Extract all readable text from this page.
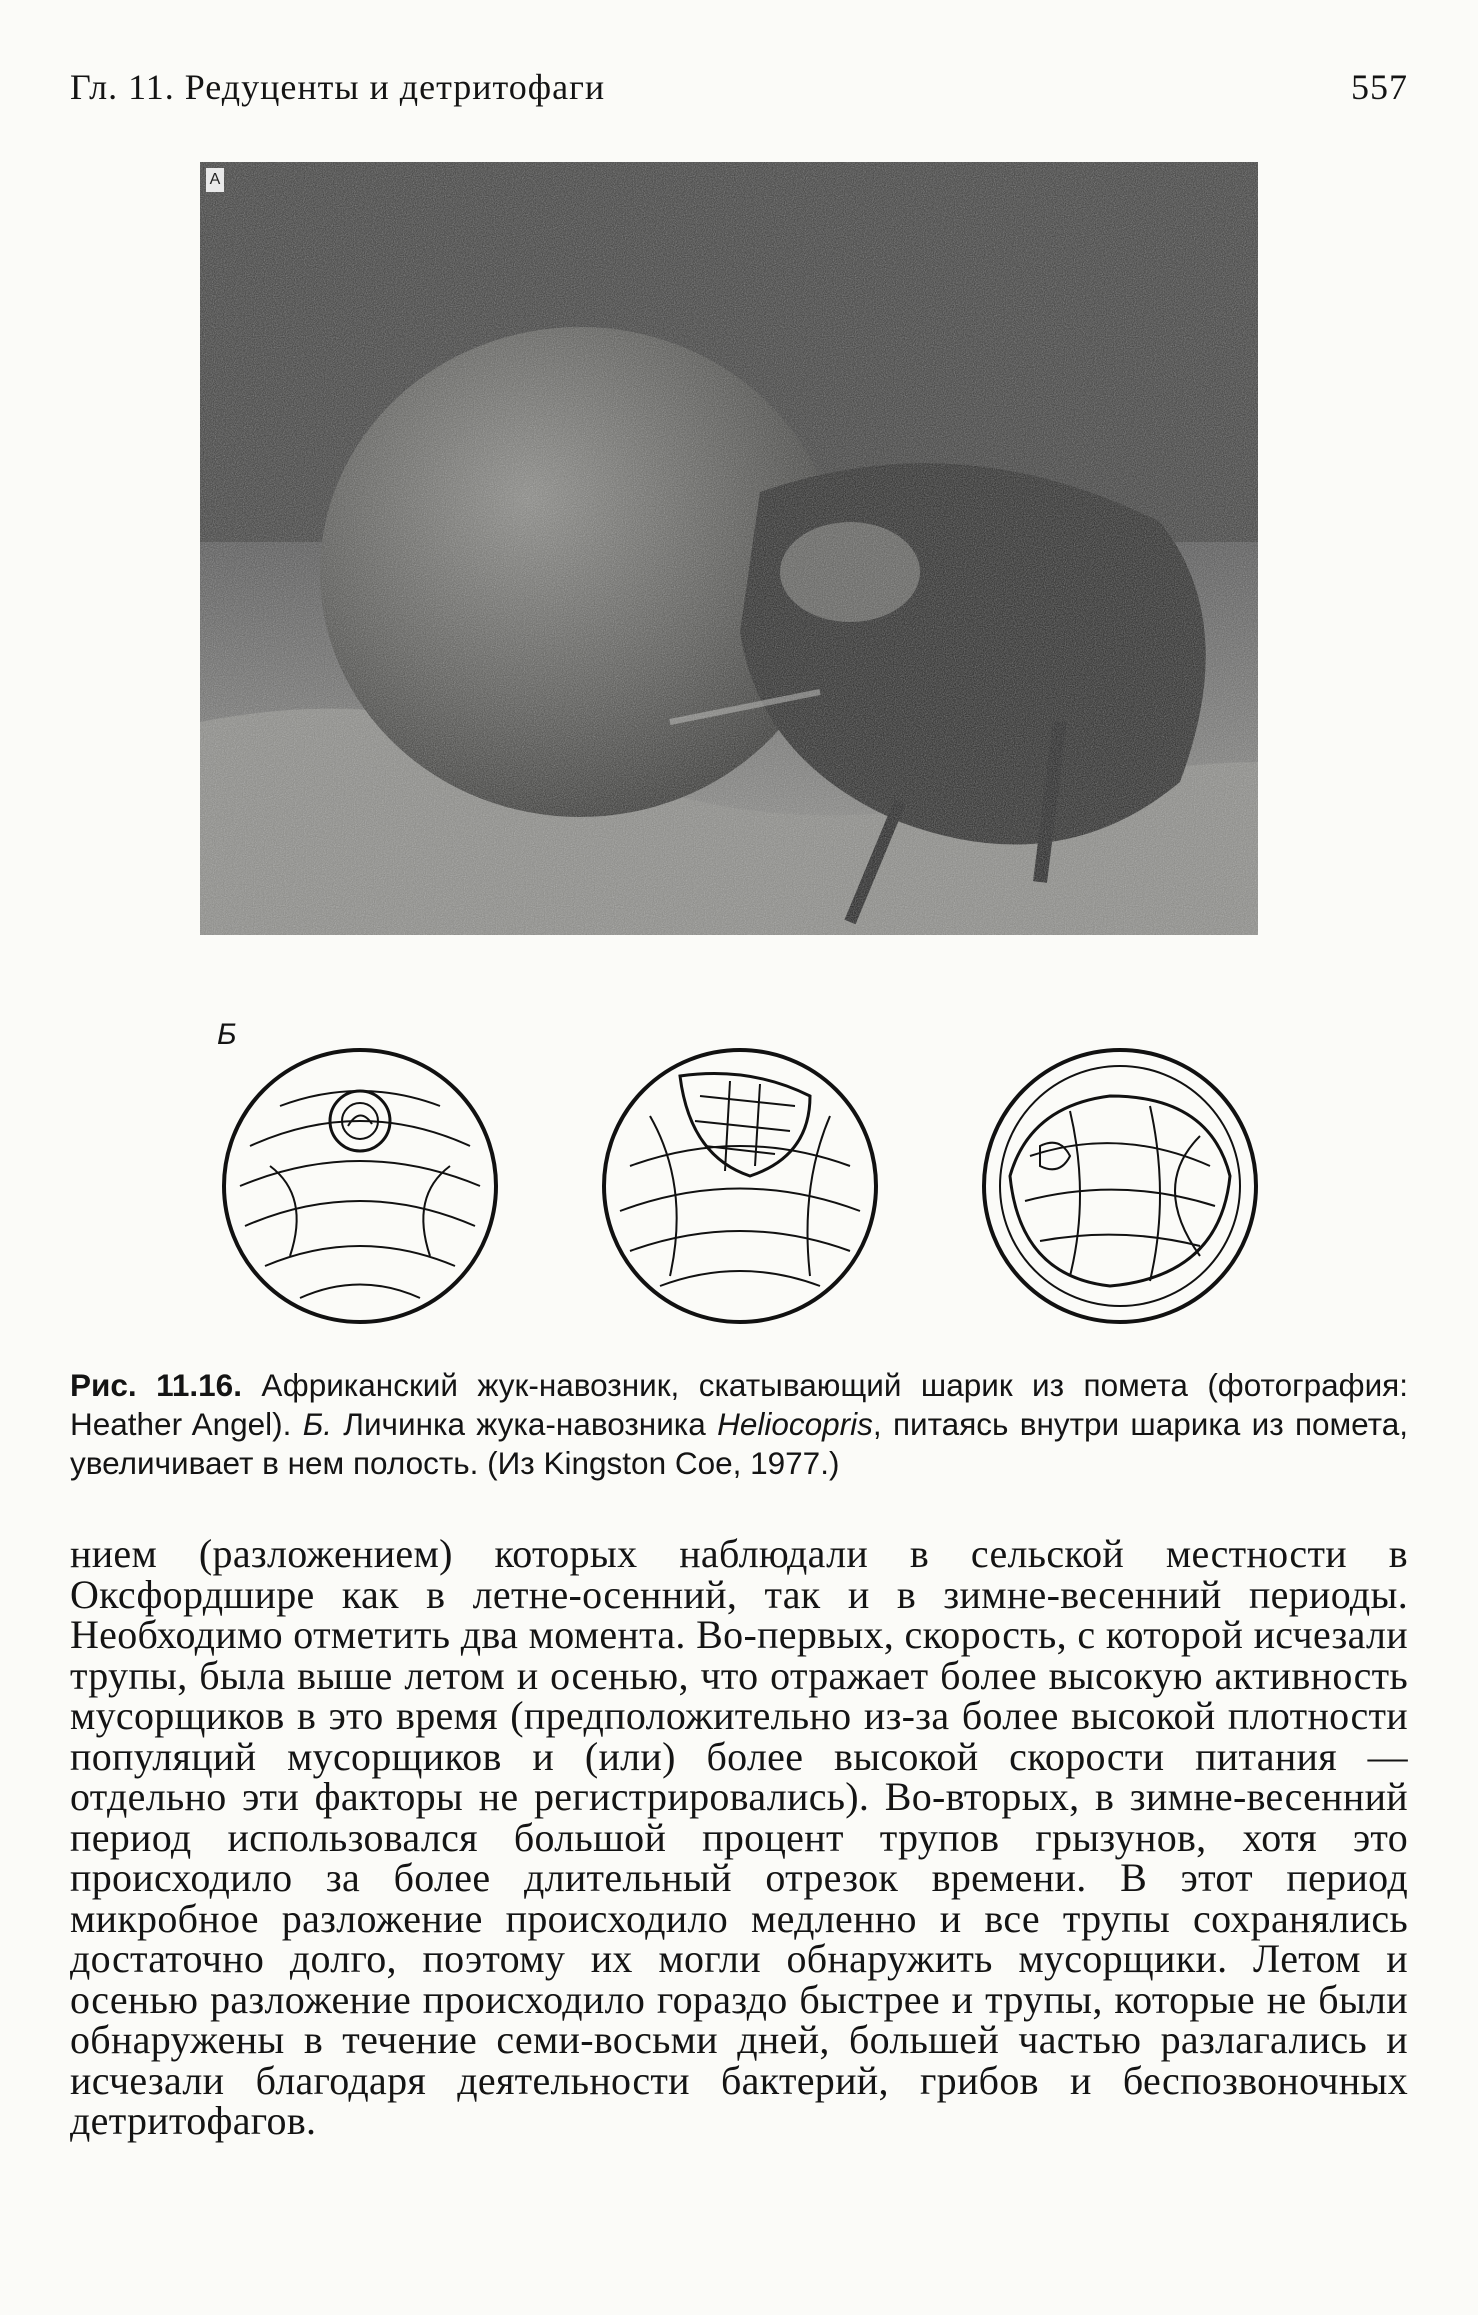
Гл. 11. Редуценты и детритофаги	557
А
Б
Рис. 11.16. Африканский жук-навозник, скатывающий шарик из помета (фотография: Heather Angel). Б. Личинка жука-навозника Heliocopris, питаясь внутри шарика из помета, увеличивает в нем полость. (Из Kingston Coe, 1977.)

нием (разложением) которых наблюдали в сельской местности в Оксфордшире как в летне-осенний, так и в зимне-весенний периоды. Необходимо отметить два момента. Во-первых, скорость, с которой исчезали трупы, была выше летом и осенью, что отражает более высокую активность мусорщиков в это время (предположительно из-за более высокой плотности популяций мусорщиков и (или) более высокой скорости питания — отдельно эти факторы не регистрировались). Во-вторых, в зимне-весенний период использовался большой процент трупов грызунов, хотя это происходило за более длительный отрезок времени. В этот период микробное разложение происходило медленно и все трупы сохранялись достаточно долго, поэтому их могли обнаружить мусорщики. Летом и осенью разложение происходило гораздо быстрее и трупы, которые не были обнаружены в течение семи-восьми дней, большей частью разлагались и исчезали благодаря деятельности бактерий, грибов и беспозвоночных детритофагов.
